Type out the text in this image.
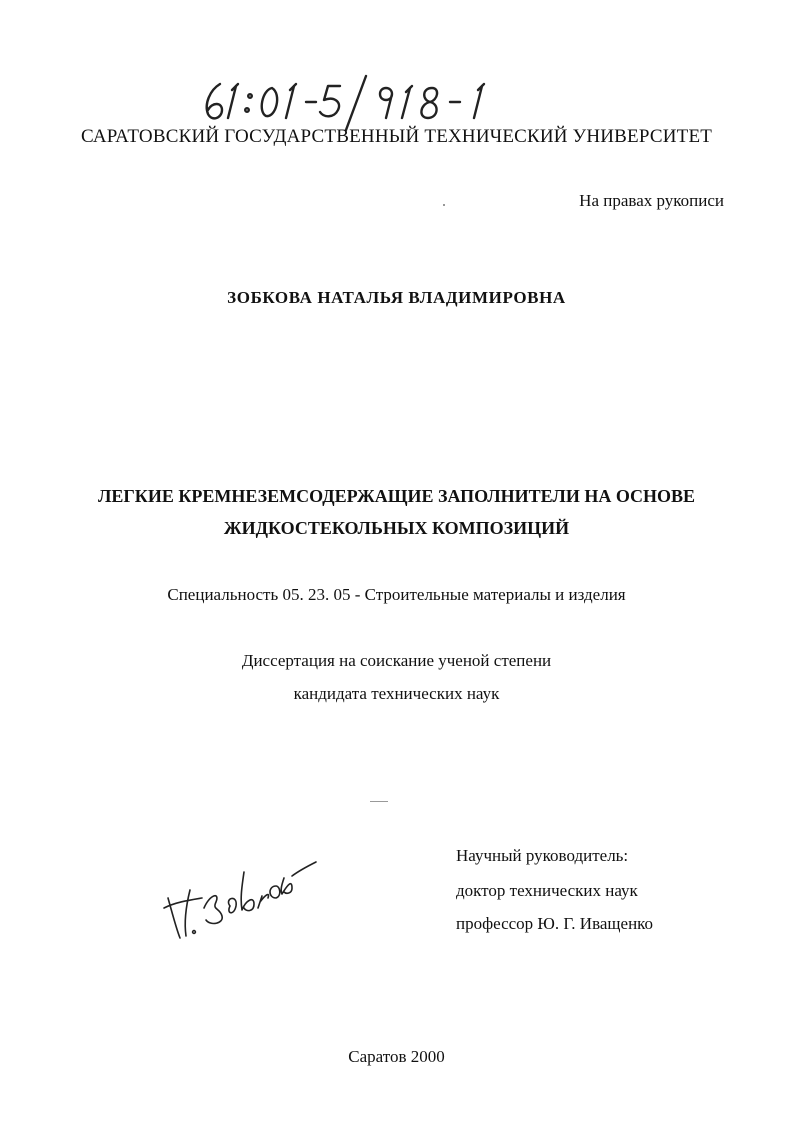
САРАТОВСКИЙ ГОСУДАРСТВЕННЫЙ ТЕХНИЧЕСКИЙ УНИВЕРСИТЕТ
На правах рукописи
ЗОБКОВА НАТАЛЬЯ ВЛАДИМИРОВНА
ЛЕГКИЕ КРЕМНЕЗЕМСОДЕРЖАЩИЕ ЗАПОЛНИТЕЛИ НА ОСНОВЕ
ЖИДКОСТЕКОЛЬНЫХ КОМПОЗИЦИЙ
Специальность 05. 23. 05 - Строительные материалы и изделия
Диссертация на соискание ученой степени
кандидата технических наук
Научный руководитель:
доктор технических наук
профессор Ю. Г. Иващенко
Саратов 2000
